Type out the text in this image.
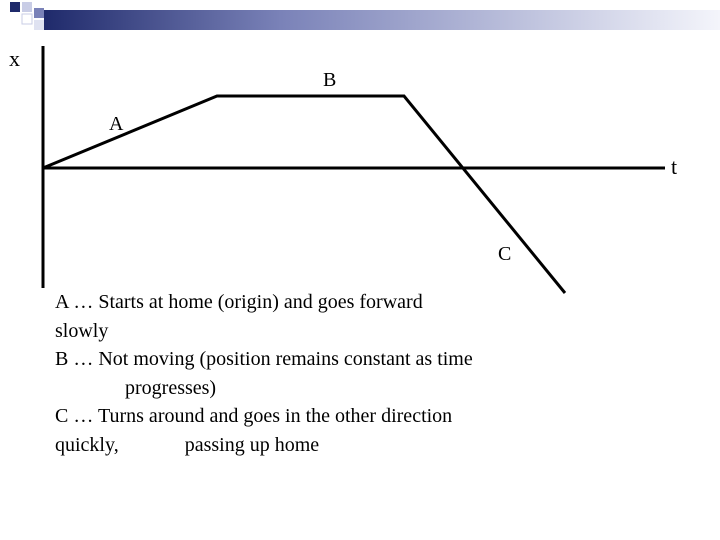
x
t
A
B
C
A … Starts at home (origin) and goes forward
slowly
B … Not moving (position remains constant as time
progresses)
C … Turns around and goes in the other direction
quickly,	passing up home
